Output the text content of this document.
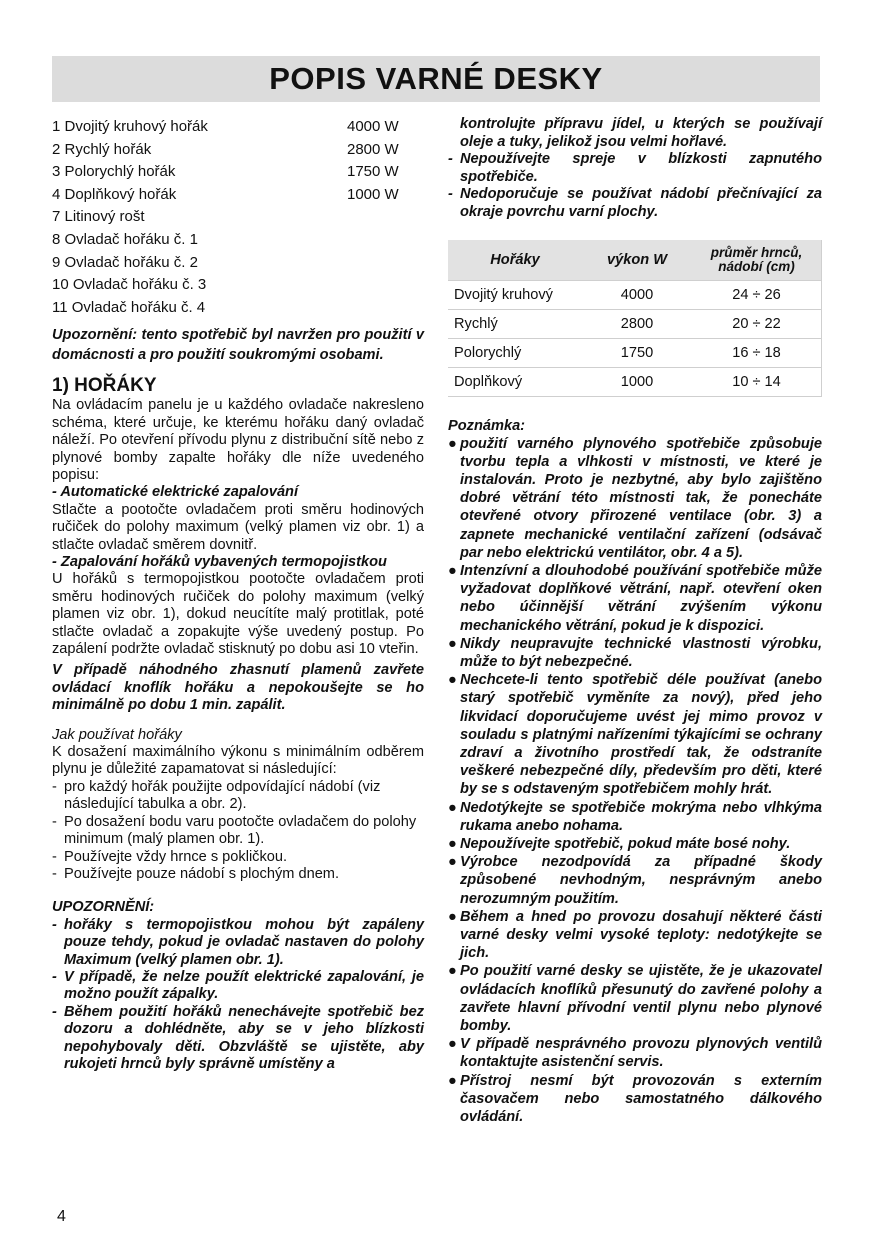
POPIS VARNÉ DESKY
1 Dvojitý kruhový hořák	4000 W
2 Rychlý hořák	2800 W
3 Polorychlý hořák	1750 W
4 Doplňkový hořák	1000 W
7 Litinový rošt
8 Ovladač hořáku č. 1
9 Ovladač hořáku č. 2
10 Ovladač hořáku č. 3
11 Ovladač hořáku č. 4

Upozornění: tento spotřebič byl navržen pro použití v domácnosti a pro použití soukromými osobami.

1) HOŘÁKY

Na ovládacím panelu je u každého ovladače nakresleno schéma, které určuje, ke kterému hořáku daný ovladač náleží. Po otevření přívodu plynu z distribuční sítě nebo z plynové bomby zapalte hořáky dle níže uvedeného popisu:

- Automatické elektrické zapalování

Stlačte a pootočte ovladačem proti směru hodinových ručiček do polohy maximum (velký plamen viz obr. 1) a stlačte ovladač směrem dovnitř.

- Zapalování hořáků vybavených termopojistkou

U hořáků s termopojistkou pootočte ovladačem proti směru hodinových ručiček do polohy maximum (velký plamen viz obr. 1), dokud neucítíte malý protitlak, poté stlačte ovladač a zopakujte výše uvedený postup. Po zapálení podržte ovladač stisknutý po dobu asi 10 vteřin.

V případě náhodného zhasnutí plamenů zavřete ovládací knoflík hořáku a nepokoušejte se ho minimálně po dobu 1 min. zapálit.

Jak používat hořáky

K dosažení maximálního výkonu s minimálním odběrem plynu je důležité zapamatovat si následující:

- pro každý hořák použijte odpovídající nádobí (viz následující tabulka a obr. 2).
- Po dosažení bodu varu pootočte ovladačem do polohy minimum (malý plamen obr. 1).
- Používejte vždy hrnce s pokličkou.
- Používejte pouze nádobí s plochým dnem.

UPOZORNĚNÍ:

- hořáky s termopojistkou mohou být zapáleny pouze tehdy, pokud je ovladač nastaven do polohy Maximum (velký plamen obr. 1).
- V případě, že nelze použít elektrické zapalování, je možno použít zápalky.
- Během použití hořáků nenechávejte spotřebič bez dozoru a dohlédněte, aby se v jeho blízkosti nepohybovaly děti. Obzvláště se ujistěte, aby rukojeti hrnců byly správně umístěny a
kontrolujte přípravu jídel, u kterých se používají oleje a tuky, jelikož jsou velmi hořlavé.
- Nepoužívejte spreje v blízkosti zapnutého spotřebiče.
- Nedoporučuje se používat nádobí přečnívající za okraje povrchu varní plochy.
Hořáky	výkon W	průměr hrnců, nádobí (cm)
Dvojitý kruhový	4000	24 ÷ 26
Rychlý	2800	20 ÷ 22
Polorychlý	1750	16 ÷ 18
Doplňkový	1000	10 ÷ 14

Poznámka:

● použití varného plynového spotřebiče způsobuje tvorbu tepla a vlhkosti v místnosti, ve které je instalován. Proto je nezbytné, aby bylo zajištěno dobré větrání této místnosti tak, že ponecháte otevřené otvory přirozené ventilace (obr. 3) a zapnete mechanické ventilační zařízení (odsávač par nebo elektrickú ventilátor, obr. 4 a 5).
● Intenzívní a dlouhodobé používání spotřebiče může vyžadovat doplňkové větrání, např. otevření oken nebo účinnější větrání zvýšením výkonu mechanického větrání, pokud je k dispozici.
● Nikdy neupravujte technické vlastnosti výrobku, může to být nebezpečné.
● Nechcete-li tento spotřebič déle používat (anebo starý spotřebič vyměníte za nový), před jeho likvidací doporučujeme uvést jej mimo provoz v souladu s platnými nařízeními týkajícími se ochrany zdraví a životního prostředí tak, že odstraníte veškeré nebezpečné díly, především pro děti, které by se s odstaveným spotřebičem mohly hrát.
● Nedotýkejte se spotřebiče mokrýma nebo vlhkýma rukama anebo nohama.
● Nepoužívejte spotřebič, pokud máte bosé nohy.
● Výrobce nezodpovídá za případné škody způsobené nevhodným, nesprávným anebo nerozumným použitím.
● Během a hned po provozu dosahují některé části varné desky velmi vysoké teploty: nedotýkejte se jich.
● Po použití varné desky se ujistěte, že je ukazovatel ovládacích knoflíků přesunutý do zavřené polohy a zavřete hlavní přívodní ventil plynu nebo plynové bomby.
● V případě nesprávného provozu plynových ventilů kontaktujte asistenční servis.
● Přístroj nesmí být provozován s externím časovačem nebo samostatného dálkového ovládání.
4
